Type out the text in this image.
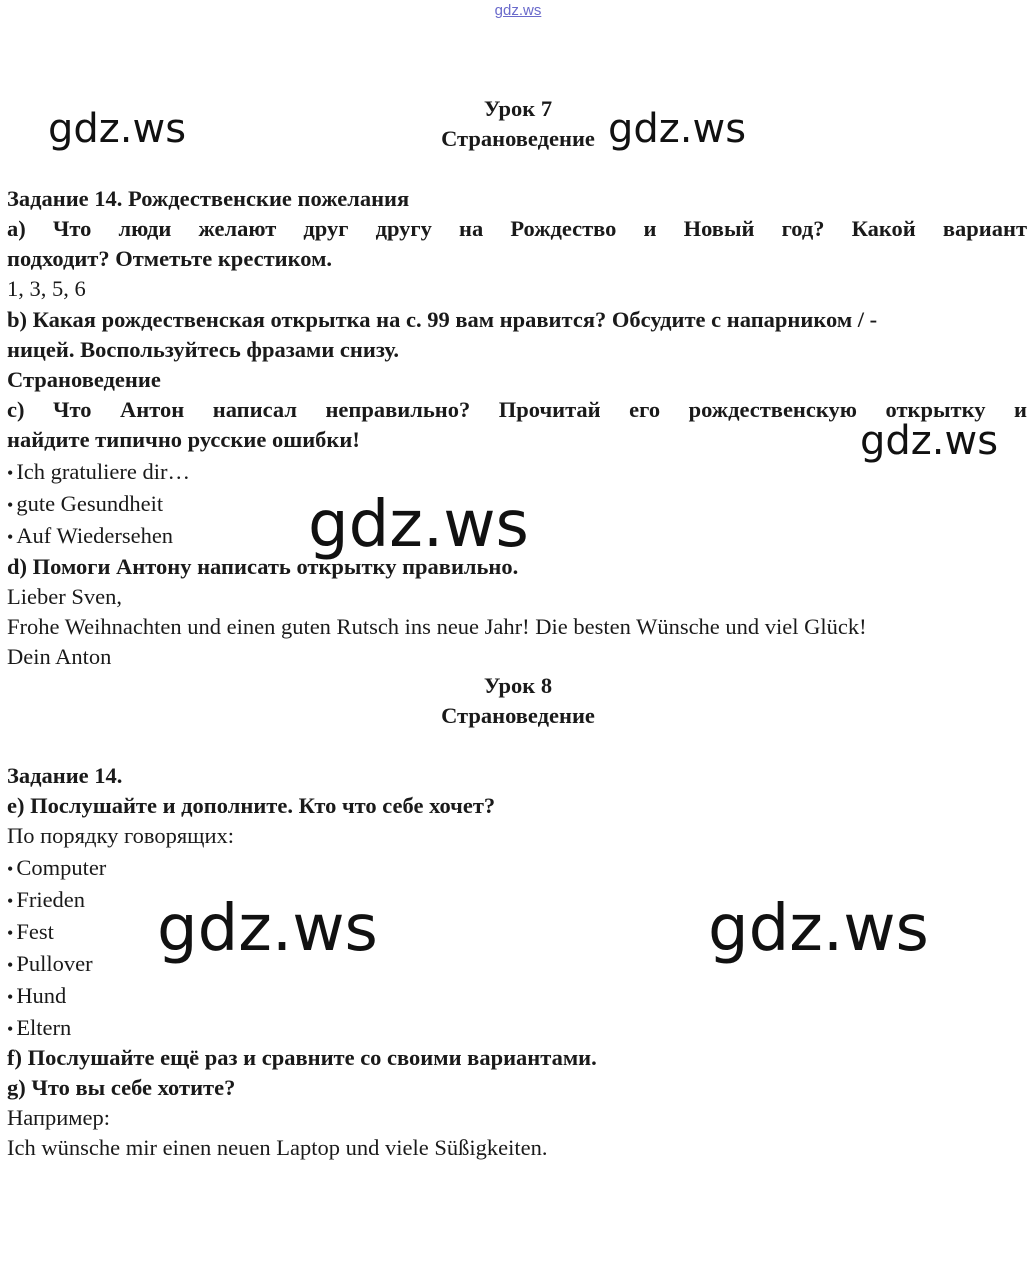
gdz.ws
Урок 7
Страноведение
Задание 14. Рождественские пожелания
a) Что люди желают друг другу на Рождество и Новый год? Какой вариант
подходит? Отметьте крестиком.
1, 3, 5, 6
b) Какая рождественская открытка на с. 99 вам нравится? Обсудите с напарником / -
ницей. Воспользуйтесь фразами снизу.
Страноведение
c) Что Антон написал неправильно? Прочитай его рождественскую открытку и
найдите типично русские ошибки!
• Ich gratuliere dir…
• gute Gesundheit
• Auf Wiedersehen
d) Помоги Антону написать открытку правильно.
Lieber Sven,
Frohe Weihnachten und einen guten Rutsch ins neue Jahr! Die besten Wünsche und viel Glück!
Dein Anton
Урок 8
Страноведение
Задание 14.
e) Послушайте и дополните. Кто что себе хочет?
По порядку говорящих:
• Computer
• Frieden
• Fest
• Pullover
• Hund
• Eltern
f) Послушайте ещё раз и сравните со своими вариантами.
g) Что вы себе хотите?
Например:
Ich wünsche mir einen neuen Laptop und viele Süßigkeiten.
gdz.ws	gdz.ws
gdz.ws
gdz.ws
gdz.ws	gdz.ws
